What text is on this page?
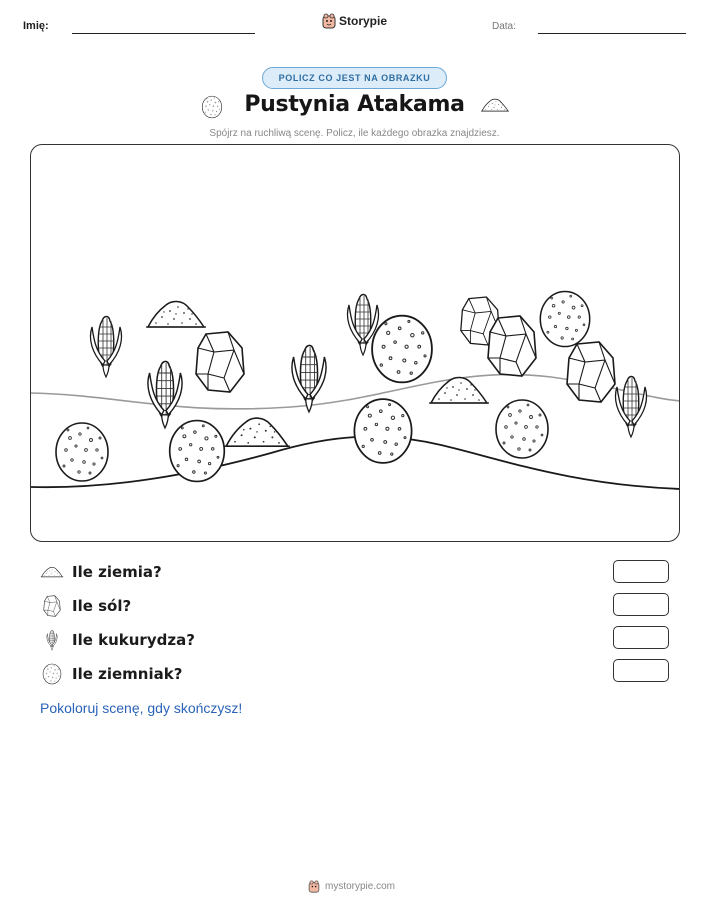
Imię:	Storypie	Data:
POLICZ CO JEST NA OBRAZKU
Pustynia Atakama
Spójrz na ruchliwą scenę. Policz, ile każdego obrazka znajdziesz.
Ile ziemia?
Ile sól?
Ile kukurydza?
Ile ziemniak?
Pokoloruj scenę, gdy skończysz!
mystorypie.com
